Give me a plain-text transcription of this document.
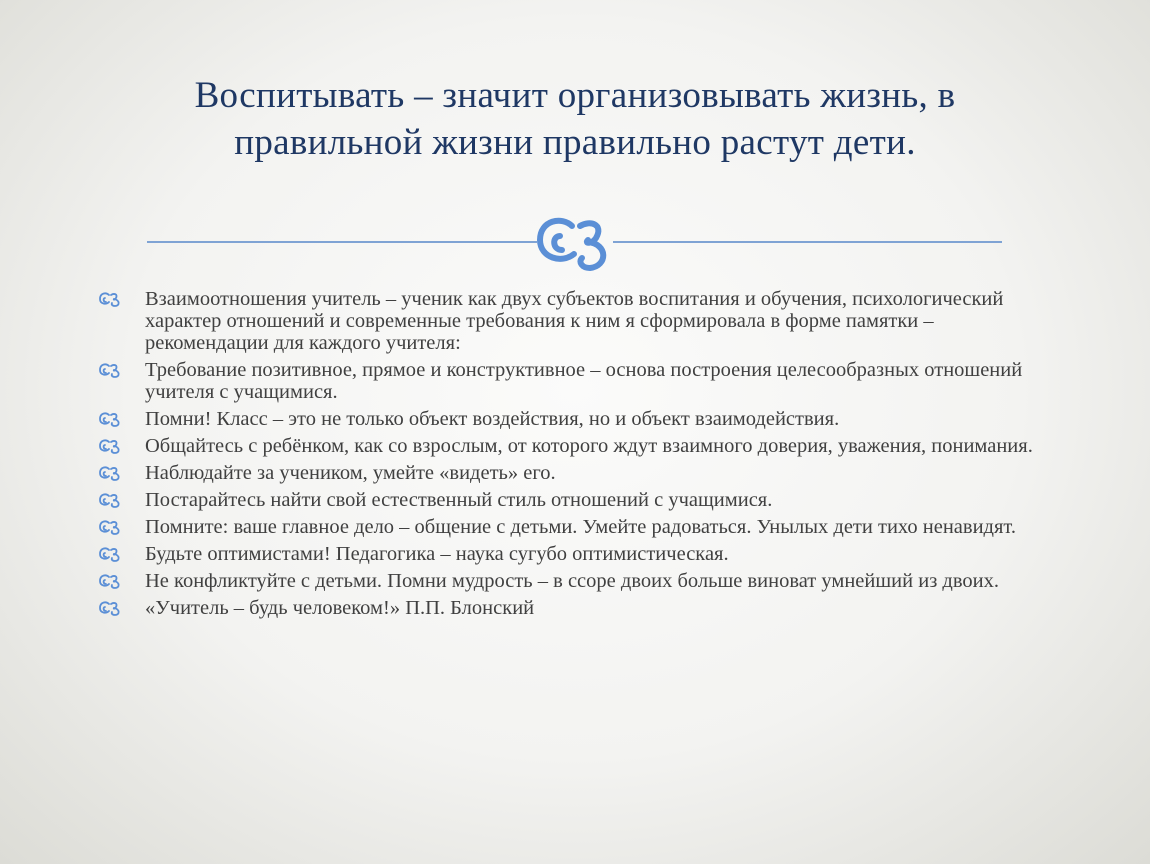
Воспитывать – значит организовывать жизнь, в правильной жизни правильно растут дети.
Взаимоотношения учитель – ученик как двух субъектов воспитания и обучения, психологический характер отношений и современные требования к ним я сформировала в форме памятки – рекомендации для каждого учителя:
Требование позитивное, прямое и конструктивное – основа построения целесообразных отношений учителя с учащимися.
Помни! Класс – это не только объект воздействия, но и объект взаимодействия.
Общайтесь с ребёнком, как со взрослым, от которого ждут взаимного доверия, уважения, понимания.
Наблюдайте за учеником, умейте «видеть» его.
Постарайтесь найти свой естественный стиль отношений с учащимися.
Помните: ваше главное дело – общение с детьми. Умейте радоваться. Унылых дети тихо ненавидят.
Будьте оптимистами! Педагогика – наука сугубо оптимистическая.
Не конфликтуйте с детьми. Помни мудрость – в ссоре двоих больше виноват умнейший из двоих.
«Учитель – будь человеком!» П.П. Блонский
